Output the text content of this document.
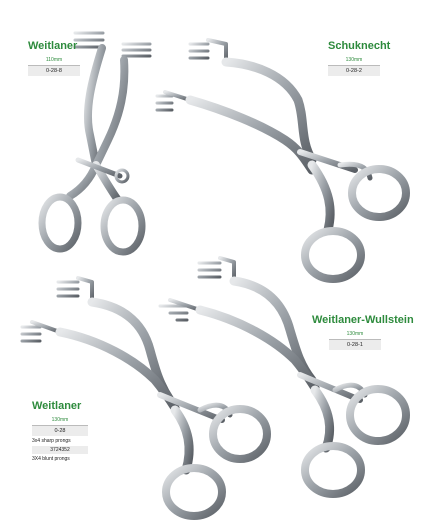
Weitlaner
110mm
0-28-8
Schuknecht
130mm
0-28-2
Weitlaner-Wullstein
130mm
0-28-1
Weitlaner
130mm
0-28
3x4 sharp prongs
3724352
3X4 blunt prongs
